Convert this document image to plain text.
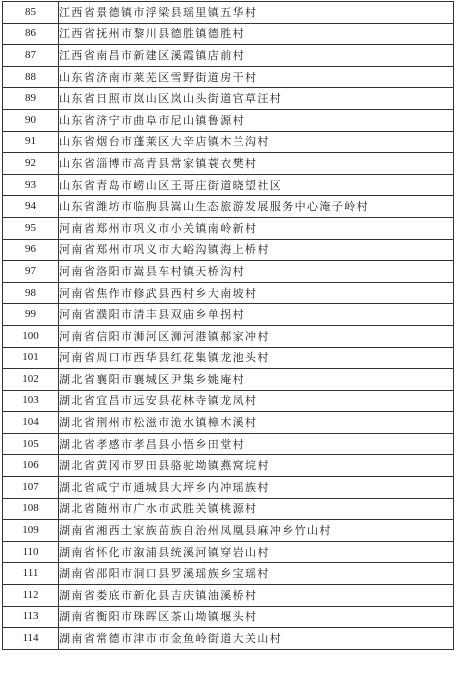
85	江西省景德镇市浮梁县瑶里镇五华村
86	江西省抚州市黎川县德胜镇德胜村
87	江西省南昌市新建区溪霞镇店前村
88	山东省济南市莱芜区雪野街道房干村
89	山东省日照市岚山区岚山头街道官草汪村
90	山东省济宁市曲阜市尼山镇鲁源村
91	山东省烟台市蓬莱区大辛店镇木兰沟村
92	山东省淄博市高青县常家镇蓑衣樊村
93	山东省青岛市崂山区王哥庄街道晓望社区
94	山东省潍坊市临朐县嵩山生态旅游发展服务中心淹子岭村
95	河南省郑州市巩义市小关镇南岭新村
96	河南省郑州市巩义市大峪沟镇海上桥村
97	河南省洛阳市嵩县车村镇天桥沟村
98	河南省焦作市修武县西村乡大南坡村
99	河南省濮阳市清丰县双庙乡单拐村
100	河南省信阳市浉河区浉河港镇郝家冲村
101	河南省周口市西华县红花集镇龙池头村
102	湖北省襄阳市襄城区尹集乡姚庵村
103	湖北省宜昌市远安县花林寺镇龙凤村
104	湖北省荆州市松滋市洈水镇樟木溪村
105	湖北省孝感市孝昌县小悟乡田堂村
106	湖北省黄冈市罗田县骆驼坳镇燕窝垸村
107	湖北省咸宁市通城县大坪乡内冲瑶族村
108	湖北省随州市广水市武胜关镇桃源村
109	湖南省湘西土家族苗族自治州凤凰县麻冲乡竹山村
110	湖南省怀化市溆浦县统溪河镇穿岩山村
111	湖南省邵阳市洞口县罗溪瑶族乡宝瑶村
112	湖南省娄底市新化县吉庆镇油溪桥村
113	湖南省衡阳市珠晖区茶山坳镇堰头村
114	湖南省常德市津市市金鱼岭街道大关山村
